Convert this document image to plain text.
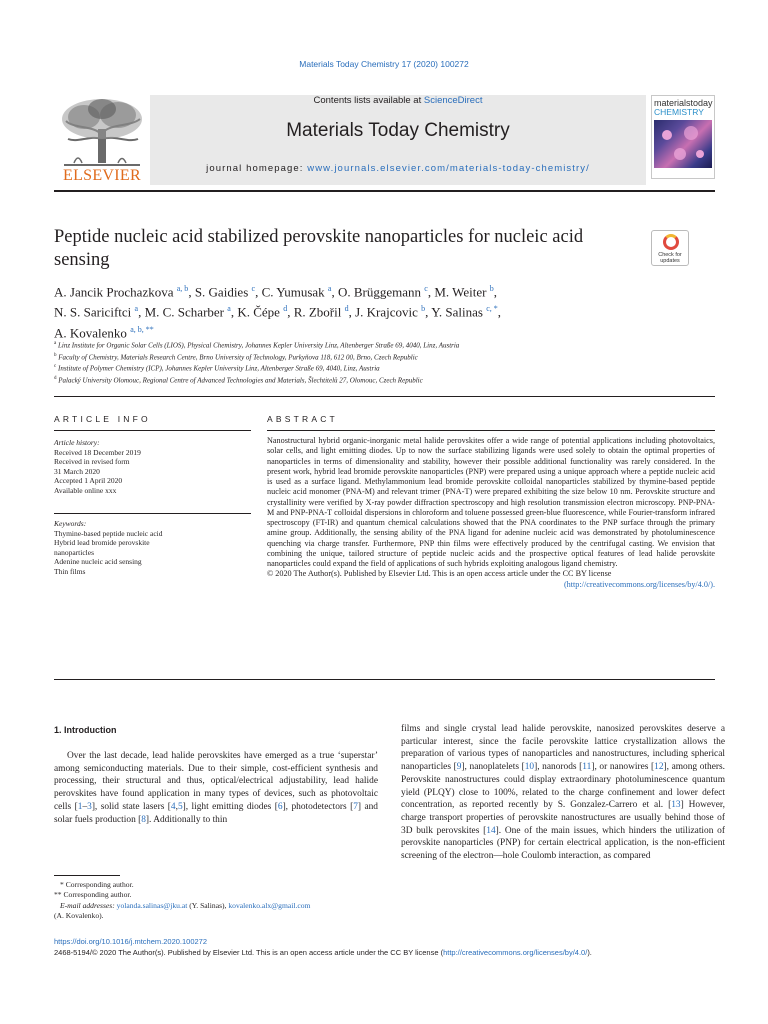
Materials Today Chemistry 17 (2020) 100272
ELSEVIER
Contents lists available at ScienceDirect
Materials Today Chemistry
journal homepage: www.journals.elsevier.com/materials-today-chemistry/
materialstoday
CHEMISTRY
Peptide nucleic acid stabilized perovskite nanoparticles for nucleic acid sensing	Check for updates
A. Jancik Prochazkova $^{a, b}$, S. Gaidies $^c$, C. Yumusak $^a$, O. Brüggemann $^c$, M. Weiter $^b$,
N. S. Sariciftci $^a$, M. C. Scharber $^a$, K. Čépe $^d$, R. Zbořil $^d$, J. Krajcovic $^b$, Y. Salinas $^{c, *}$,
A. Kovalenko $^{a, b, **}$
$^a$ Linz Institute for Organic Solar Cells (LIOS), Physical Chemistry, Johannes Kepler University Linz, Altenberger Straße 69, 4040, Linz, Austria
$^b$ Faculty of Chemistry, Materials Research Centre, Brno University of Technology, Purkyňova 118, 612 00, Brno, Czech Republic
$^c$ Institute of Polymer Chemistry (ICP), Johannes Kepler University Linz, Altenberger Straße 69, 4040, Linz, Austria
$^d$ Palacký University Olomouc, Regional Centre of Advanced Technologies and Materials, Šlechtitelů 27, Olomouc, Czech Republic
ARTICLE INFO	ABSTRACT
Article history:
Received 18 December 2019
Received in revised form
31 March 2020
Accepted 1 April 2020
Available online xxx
Keywords:
Thymine-based peptide nucleic acid
Hybrid lead bromide perovskite
nanoparticles
Adenine nucleic acid sensing
Thin films

Nanostructural hybrid organic-inorganic metal halide perovskites offer a wide range of potential applications including photovoltaics, solar cells, and light emitting diodes. Up to now the surface stabilizing ligands were used solely to obtain the optimal properties of nanoparticles in terms of dimensionality and stability, however their possible additional functionality was rarely considered. In the present work, hybrid lead bromide perovskite nanoparticles (PNP) were prepared using a unique approach where a peptide nucleic acid is used as a surface ligand. Methylammonium lead bromide perovskite colloidal nanoparticles stabilized by thymine-based peptide nucleic acid monomer (PNA-M) and relevant trimer (PNA-T) were prepared exhibiting the size below 10 nm. Perovskite structure and crystallinity were verified by X-ray powder diffraction spectroscopy and high resolution transmission electron microscopy. PNP-PNA-M and PNP-PNA-T colloidal dispersions in chloroform and toluene possessed green-blue fluorescence, while Fourier-transform infrared spectroscopy (FT-IR) and quantum chemical calculations showed that the PNA coordinates to the PNP surface through the primary amine group. Additionally, the sensing ability of the PNA ligand for adenine nucleic acid was demonstrated by photoluminescence quenching via charge transfer. Furthermore, PNP thin films were effectively produced by the centrifugal casting. We envision that combining the unique, tailored structure of peptide nucleic acids and the prospective optical features of lead halide perovskite nanoparticles could expand the field of applications of such hybrids exploiting analogous ligand chemistry.

© 2020 The Author(s). Published by Elsevier Ltd. This is an open access article under the CC BY license

(http://creativecommons.org/licenses/by/4.0/).
1. Introduction
Over the last decade, lead halide perovskites have emerged as a true ‘superstar’ among semiconducting materials. Due to their simple, cost-efficient synthesis and processing, their structural and thus, optical/electrical adjustability, lead halide perovskites have found application in many types of devices, such as photovoltaic cells [1–3], solid state lasers [4,5], light emitting diodes [6], photodetectors [7] and solar fuels production [8]. Additionally to thin
films and single crystal lead halide perovskite, nanosized perovskites deserve a particular interest, since the facile perovskite lattice crystallization allows the preparation of various types of nanoparticles and nanostructures, including spherical nanoparticles [9], nanoplatelets [10], nanorods [11], or nanowires [12], among others. Perovskite nanostructures could display extraordinary photoluminescence quantum yield (PLQY) close to 100%, related to the charge confinement and lower defect concentration, as reported recently by S. Gonzalez-Carrero et al. [13] However, charge transport properties of perovskite nanostructures are usually behind those of 3D bulk perovskites [14]. One of the main issues, which hinders the utilization of perovskite nanoparticles (PNP) for certain electrical application, is the non-efficient screening of the electron—hole Coulomb interaction, as compared
* Corresponding author.
** Corresponding author.
E-mail addresses: yolanda.salinas@jku.at (Y. Salinas), kovalenko.alx@gmail.com
(A. Kovalenko).
https://doi.org/10.1016/j.mtchem.2020.100272
2468-5194/© 2020 The Author(s). Published by Elsevier Ltd. This is an open access article under the CC BY license (http://creativecommons.org/licenses/by/4.0/).
